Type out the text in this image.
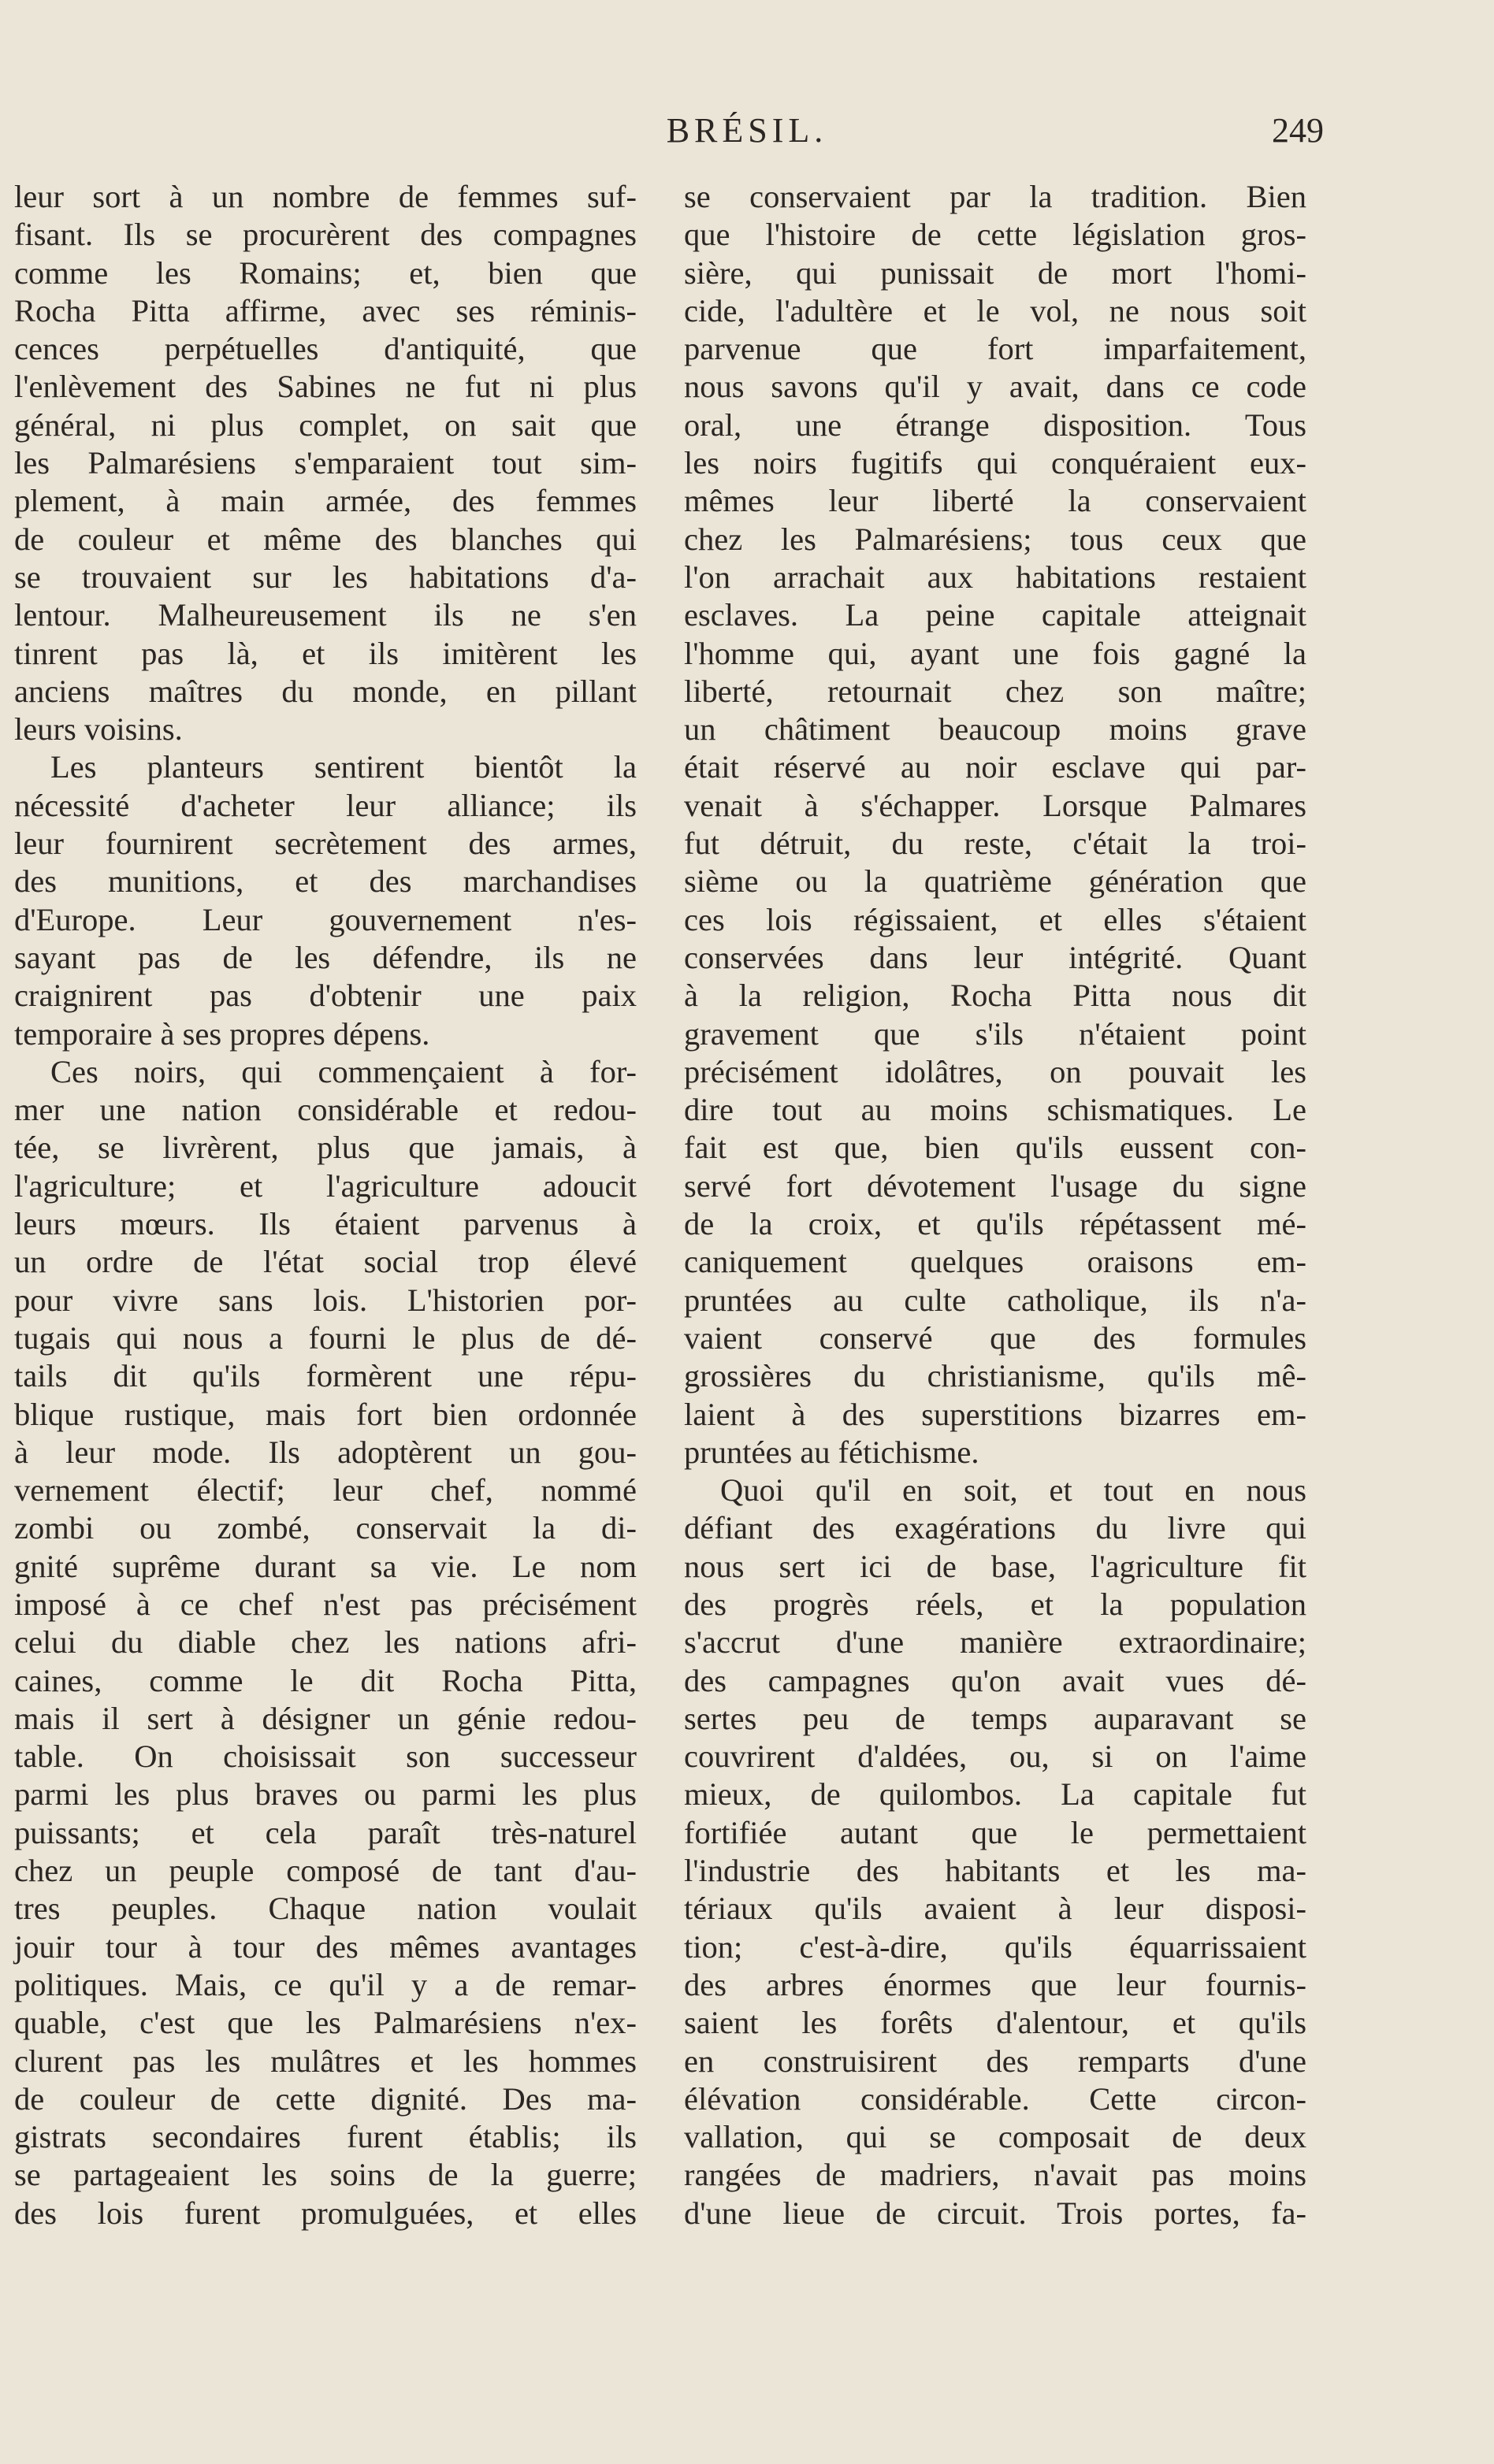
BRÉSIL.	249
leur sort à un nombre de femmes suf-
fisant. Ils se procurèrent des compagnes
comme les Romains; et, bien que
Rocha Pitta affirme, avec ses réminis-
cences perpétuelles d'antiquité, que
l'enlèvement des Sabines ne fut ni plus
général, ni plus complet, on sait que
les Palmarésiens s'emparaient tout sim-
plement, à main armée, des femmes
de couleur et même des blanches qui
se trouvaient sur les habitations d'a-
lentour. Malheureusement ils ne s'en
tinrent pas là, et ils imitèrent les
anciens maîtres du monde, en pillant
leurs voisins.
Les planteurs sentirent bientôt la
nécessité d'acheter leur alliance; ils
leur fournirent secrètement des armes,
des munitions, et des marchandises
d'Europe. Leur gouvernement n'es-
sayant pas de les défendre, ils ne
craignirent pas d'obtenir une paix
temporaire à ses propres dépens.
Ces noirs, qui commençaient à for-
mer une nation considérable et redou-
tée, se livrèrent, plus que jamais, à
l'agriculture; et l'agriculture adoucit
leurs mœurs. Ils étaient parvenus à
un ordre de l'état social trop élevé
pour vivre sans lois. L'historien por-
tugais qui nous a fourni le plus de dé-
tails dit qu'ils formèrent une répu-
blique rustique, mais fort bien ordonnée
à leur mode. Ils adoptèrent un gou-
vernement électif; leur chef, nommé
zombi ou zombé, conservait la di-
gnité suprême durant sa vie. Le nom
imposé à ce chef n'est pas précisément
celui du diable chez les nations afri-
caines, comme le dit Rocha Pitta,
mais il sert à désigner un génie redou-
table. On choisissait son successeur
parmi les plus braves ou parmi les plus
puissants; et cela paraît très-naturel
chez un peuple composé de tant d'au-
tres peuples. Chaque nation voulait
jouir tour à tour des mêmes avantages
politiques. Mais, ce qu'il y a de remar-
quable, c'est que les Palmarésiens n'ex-
clurent pas les mulâtres et les hommes
de couleur de cette dignité. Des ma-
gistrats secondaires furent établis; ils
se partageaient les soins de la guerre;
des lois furent promulguées, et elles
se conservaient par la tradition. Bien
que l'histoire de cette législation gros-
sière, qui punissait de mort l'homi-
cide, l'adultère et le vol, ne nous soit
parvenue que fort imparfaitement,
nous savons qu'il y avait, dans ce code
oral, une étrange disposition. Tous
les noirs fugitifs qui conquéraient eux-
mêmes leur liberté la conservaient
chez les Palmarésiens; tous ceux que
l'on arrachait aux habitations restaient
esclaves. La peine capitale atteignait
l'homme qui, ayant une fois gagné la
liberté, retournait chez son maître;
un châtiment beaucoup moins grave
était réservé au noir esclave qui par-
venait à s'échapper. Lorsque Palmares
fut détruit, du reste, c'était la troi-
sième ou la quatrième génération que
ces lois régissaient, et elles s'étaient
conservées dans leur intégrité. Quant
à la religion, Rocha Pitta nous dit
gravement que s'ils n'étaient point
précisément idolâtres, on pouvait les
dire tout au moins schismatiques. Le
fait est que, bien qu'ils eussent con-
servé fort dévotement l'usage du signe
de la croix, et qu'ils répétassent mé-
caniquement quelques oraisons em-
pruntées au culte catholique, ils n'a-
vaient conservé que des formules
grossières du christianisme, qu'ils mê-
laient à des superstitions bizarres em-
pruntées au fétichisme.
Quoi qu'il en soit, et tout en nous
défiant des exagérations du livre qui
nous sert ici de base, l'agriculture fit
des progrès réels, et la population
s'accrut d'une manière extraordinaire;
des campagnes qu'on avait vues dé-
sertes peu de temps auparavant se
couvrirent d'aldées, ou, si on l'aime
mieux, de quilombos. La capitale fut
fortifiée autant que le permettaient
l'industrie des habitants et les ma-
tériaux qu'ils avaient à leur disposi-
tion; c'est-à-dire, qu'ils équarrissaient
des arbres énormes que leur fournis-
saient les forêts d'alentour, et qu'ils
en construisirent des remparts d'une
élévation considérable. Cette circon-
vallation, qui se composait de deux
rangées de madriers, n'avait pas moins
d'une lieue de circuit. Trois portes, fa-
